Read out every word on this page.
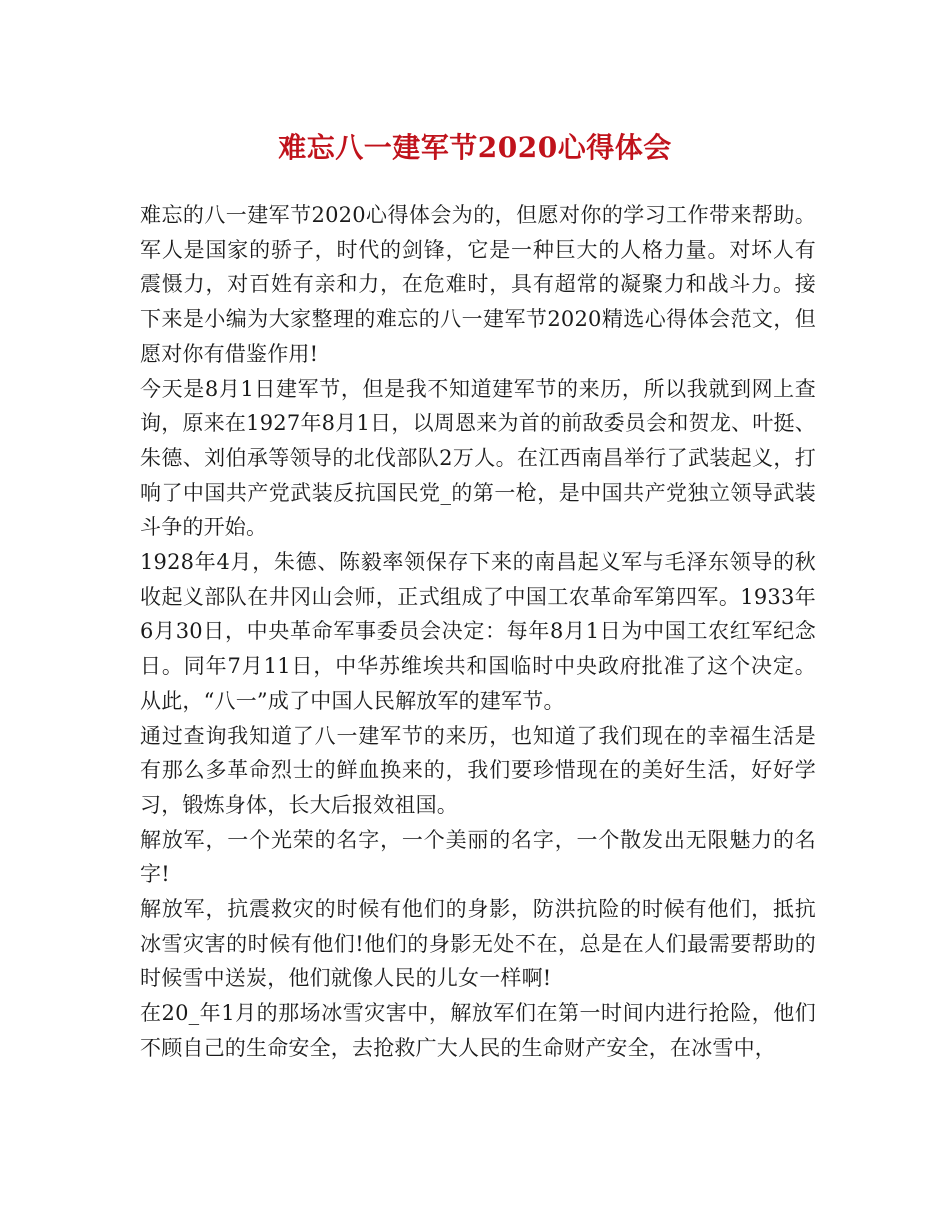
难忘八一建军节2020心得体会

难忘的八一建军节2020心得体会为的，但愿对你的学习工作带来帮助。军人是国家的骄子，时代的剑锋，它是一种巨大的人格力量。对坏人有震慑力，对百姓有亲和力，在危难时，具有超常的凝聚力和战斗力。接下来是小编为大家整理的难忘的八一建军节2020精选心得体会范文，但愿对你有借鉴作用!

今天是8月1日建军节，但是我不知道建军节的来历，所以我就到网上查询，原来在1927年8月1日，以周恩来为首的前敌委员会和贺龙、叶挺、朱德、刘伯承等领导的北伐部队2万人。在江西南昌举行了武装起义，打响了中国共产党武装反抗国民党_的第一枪，是中国共产党独立领导武装斗争的开始。

1928年4月，朱德、陈毅率领保存下来的南昌起义军与毛泽东领导的秋收起义部队在井冈山会师，正式组成了中国工农革命军第四军。1933年6月30日，中央革命军事委员会决定：每年8月1日为中国工农红军纪念日。同年7月11日，中华苏维埃共和国临时中央政府批准了这个决定。从此，“八一”成了中国人民解放军的建军节。

通过查询我知道了八一建军节的来历，也知道了我们现在的幸福生活是有那么多革命烈士的鲜血换来的，我们要珍惜现在的美好生活，好好学习，锻炼身体，长大后报效祖国。

解放军，一个光荣的名字，一个美丽的名字，一个散发出无限魅力的名字!

解放军，抗震救灾的时候有他们的身影，防洪抗险的时候有他们，抵抗冰雪灾害的时候有他们!他们的身影无处不在，总是在人们最需要帮助的时候雪中送炭，他们就像人民的儿女一样啊!

在20_年1月的那场冰雪灾害中，解放军们在第一时间内进行抢险，他们不顾自己的生命安全，去抢救广大人民的生命财产安全，在冰雪中，
